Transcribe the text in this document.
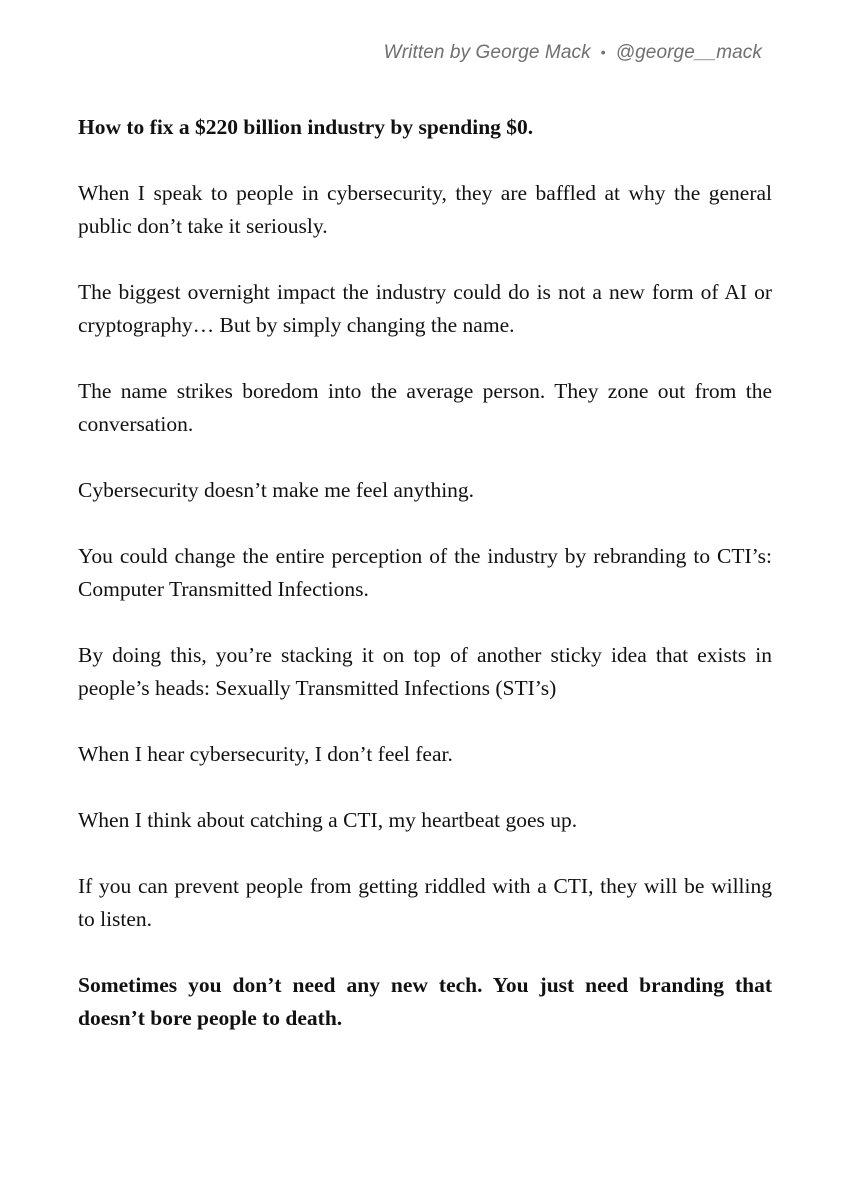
Written by George Mack • @george__mack

How to fix a $220 billion industry by spending $0.

When I speak to people in cybersecurity, they are baffled at why the general public don’t take it seriously.

The biggest overnight impact the industry could do is not a new form of AI or cryptography… But by simply changing the name.

The name strikes boredom into the average person. They zone out from the conversation.

Cybersecurity doesn’t make me feel anything.

You could change the entire perception of the industry by rebranding to CTI’s: Computer Transmitted Infections.

By doing this, you’re stacking it on top of another sticky idea that exists in people’s heads: Sexually Transmitted Infections (STI’s)

When I hear cybersecurity, I don’t feel fear.

When I think about catching a CTI, my heartbeat goes up.

If you can prevent people from getting riddled with a CTI, they will be willing to listen.

Sometimes you don’t need any new tech. You just need branding that doesn’t bore people to death.
